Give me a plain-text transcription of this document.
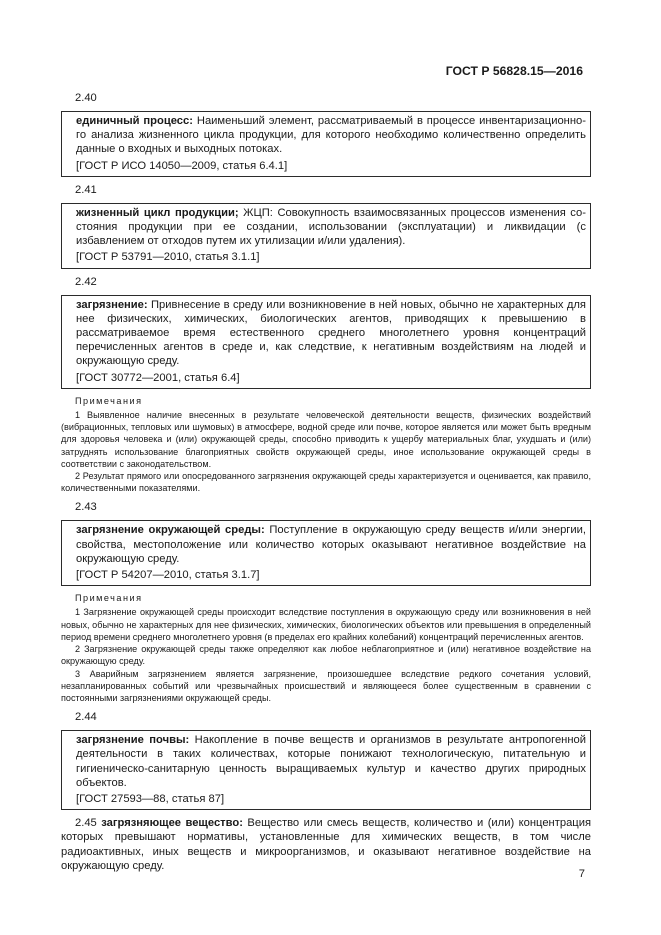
ГОСТ Р 56828.15—2016
2.40

единичный процесс: Наименьший элемент, рассматриваемый в процессе инвентаризационного анализа жизненного цикла продукции, для которого необходимо количественно определить данные о входных и выходных потоках.

[ГОСТ Р ИСО 14050—2009, статья 6.4.1]

2.41

жизненный цикл продукции; ЖЦП: Совокупность взаимосвязанных процессов изменения состояния продукции при ее создании, использовании (эксплуатации) и ликвидации (с избавлением от отходов путем их утилизации и/или удаления).

[ГОСТ Р 53791—2010, статья 3.1.1]

2.42

загрязнение: Привнесение в среду или возникновение в ней новых, обычно не характерных для нее физических, химических, биологических агентов, приводящих к превышению в рассматриваемое время естественного среднего многолетнего уровня концентраций перечисленных агентов в среде и, как следствие, к негативным воздействиям на людей и окружающую среду.

[ГОСТ 30772—2001, статья 6.4]

Примечания

1 Выявленное наличие внесенных в результате человеческой деятельности веществ, физических воздействий (вибрационных, тепловых или шумовых) в атмосфере, водной среде или почве, которое является или может быть вредным для здоровья человека и (или) окружающей среды, способно приводить к ущербу материальных благ, ухудшать и (или) затруднять использование благоприятных свойств окружающей среды, иное использование окружающей среды в соответствии с законодательством.

2 Результат прямого или опосредованного загрязнения окружающей среды характеризуется и оценивается, как правило, количественными показателями.

2.43

загрязнение окружающей среды: Поступление в окружающую среду веществ и/или энергии, свойства, местоположение или количество которых оказывают негативное воздействие на окружающую среду.

[ГОСТ Р 54207—2010, статья 3.1.7]

Примечания

1 Загрязнение окружающей среды происходит вследствие поступления в окружающую среду или возникновения в ней новых, обычно не характерных для нее физических, химических, биологических объектов или превышения в определенный период времени среднего многолетнего уровня (в пределах его крайних колебаний) концентраций перечисленных агентов.

2 Загрязнение окружающей среды также определяют как любое неблагоприятное и (или) негативное воздействие на окружающую среду.

3 Аварийным загрязнением является загрязнение, произошедшее вследствие редкого сочетания условий, незапланированных событий или чрезвычайных происшествий и являющееся более существенным в сравнении с постоянными загрязнениями окружающей среды.

2.44

загрязнение почвы: Накопление в почве веществ и организмов в результате антропогенной деятельности в таких количествах, которые понижают технологическую, питательную и гигиеническо-санитарную ценность выращиваемых культур и качество других природных объектов.

[ГОСТ 27593—88, статья 87]

2.45 загрязняющее вещество: Вещество или смесь веществ, количество и (или) концентрация которых превышают нормативы, установленные для химических веществ, в том числе радиоактивных, иных веществ и микроорганизмов, и оказывают негативное воздействие на окружающую среду.

7
